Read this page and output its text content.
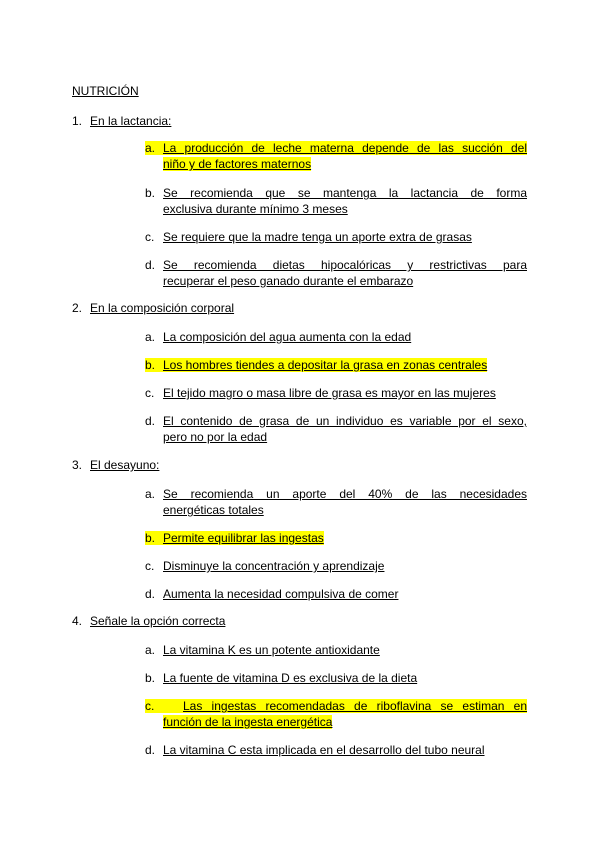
NUTRICIÓN
1. En la lactancia:
a. La producción de leche materna depende de las succión del
niño y de factores maternos
b. Se recomienda que se mantenga la lactancia de forma
exclusiva durante mínimo 3 meses
c. Se requiere que la madre tenga un aporte extra de grasas
d. Se recomienda dietas hipocalóricas y restrictivas para
recuperar el peso ganado durante el embarazo
2. En la composición corporal
a. La composición del agua aumenta con la edad
b. Los hombres tiendes a depositar la grasa en zonas centrales
c. El tejido magro o masa libre de grasa es mayor en las mujeres
d. El contenido de grasa de un individuo es variable por el sexo,
pero no por la edad
3. El desayuno:
a. Se recomienda un aporte del 40% de las necesidades
energéticas totales
b. Permite equilibrar las ingestas
c. Disminuye la concentración y aprendizaje
d. Aumenta la necesidad compulsiva de comer
4. Señale la opción correcta
a. La vitamina K es un potente antioxidante
b. La fuente de vitamina D es exclusiva de la dieta
c. Las ingestas recomendadas de riboflavina se estiman en
función de la ingesta energética
d. La vitamina C esta implicada en el desarrollo del tubo neural
